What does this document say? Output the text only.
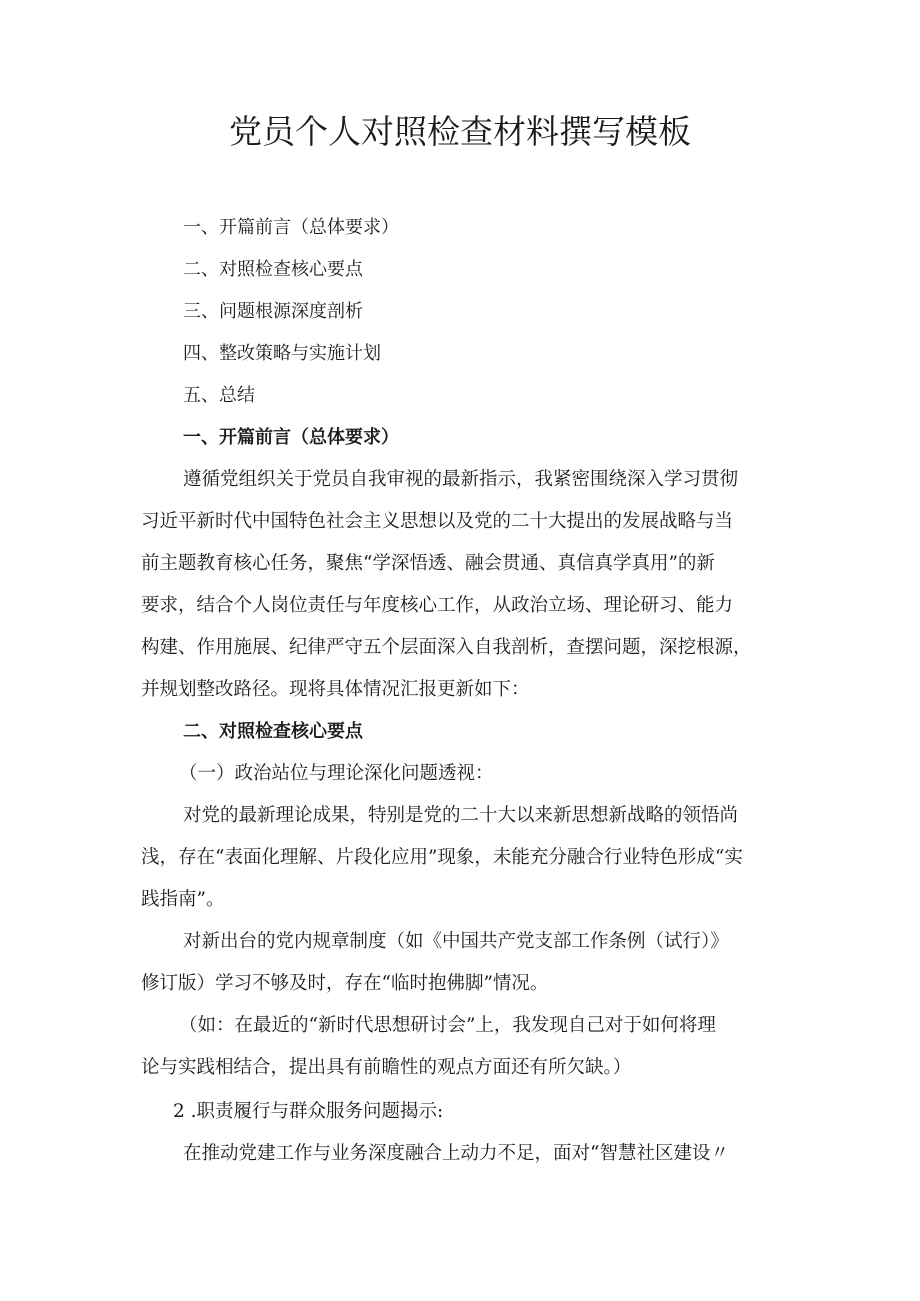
党员个人对照检查材料撰写模板
一、开篇前言（总体要求）
二、对照检查核心要点
三、问题根源深度剖析
四、整改策略与实施计划
五、总结
一、开篇前言（总体要求）
遵循党组织关于党员自我审视的最新指示，我紧密围绕深入学习贯彻
习近平新时代中国特色社会主义思想以及党的二十大提出的发展战略与当
前主题教育核心任务，聚焦“学深悟透、融会贯通、真信真学真用”的新
要求，结合个人岗位责任与年度核心工作，从政治立场、理论研习、能力
构建、作用施展、纪律严守五个层面深入自我剖析，查摆问题，深挖根源，
并规划整改路径。现将具体情况汇报更新如下：
二、对照检查核心要点
（一）政治站位与理论深化问题透视：
对党的最新理论成果，特别是党的二十大以来新思想新战略的领悟尚
浅，存在“表面化理解、片段化应用”现象，未能充分融合行业特色形成“实
践指南”。
对新出台的党内规章制度（如《中国共产党支部工作条例（试行）》
修订版）学习不够及时，存在“临时抱佛脚”情况。
（如：在最近的“新时代思想研讨会”上，我发现自己对于如何将理
论与实践相结合，提出具有前瞻性的观点方面还有所欠缺。）
2 .职责履行与群众服务问题揭示:
在推动党建工作与业务深度融合上动力不足，面对“智慧社区建设〃
